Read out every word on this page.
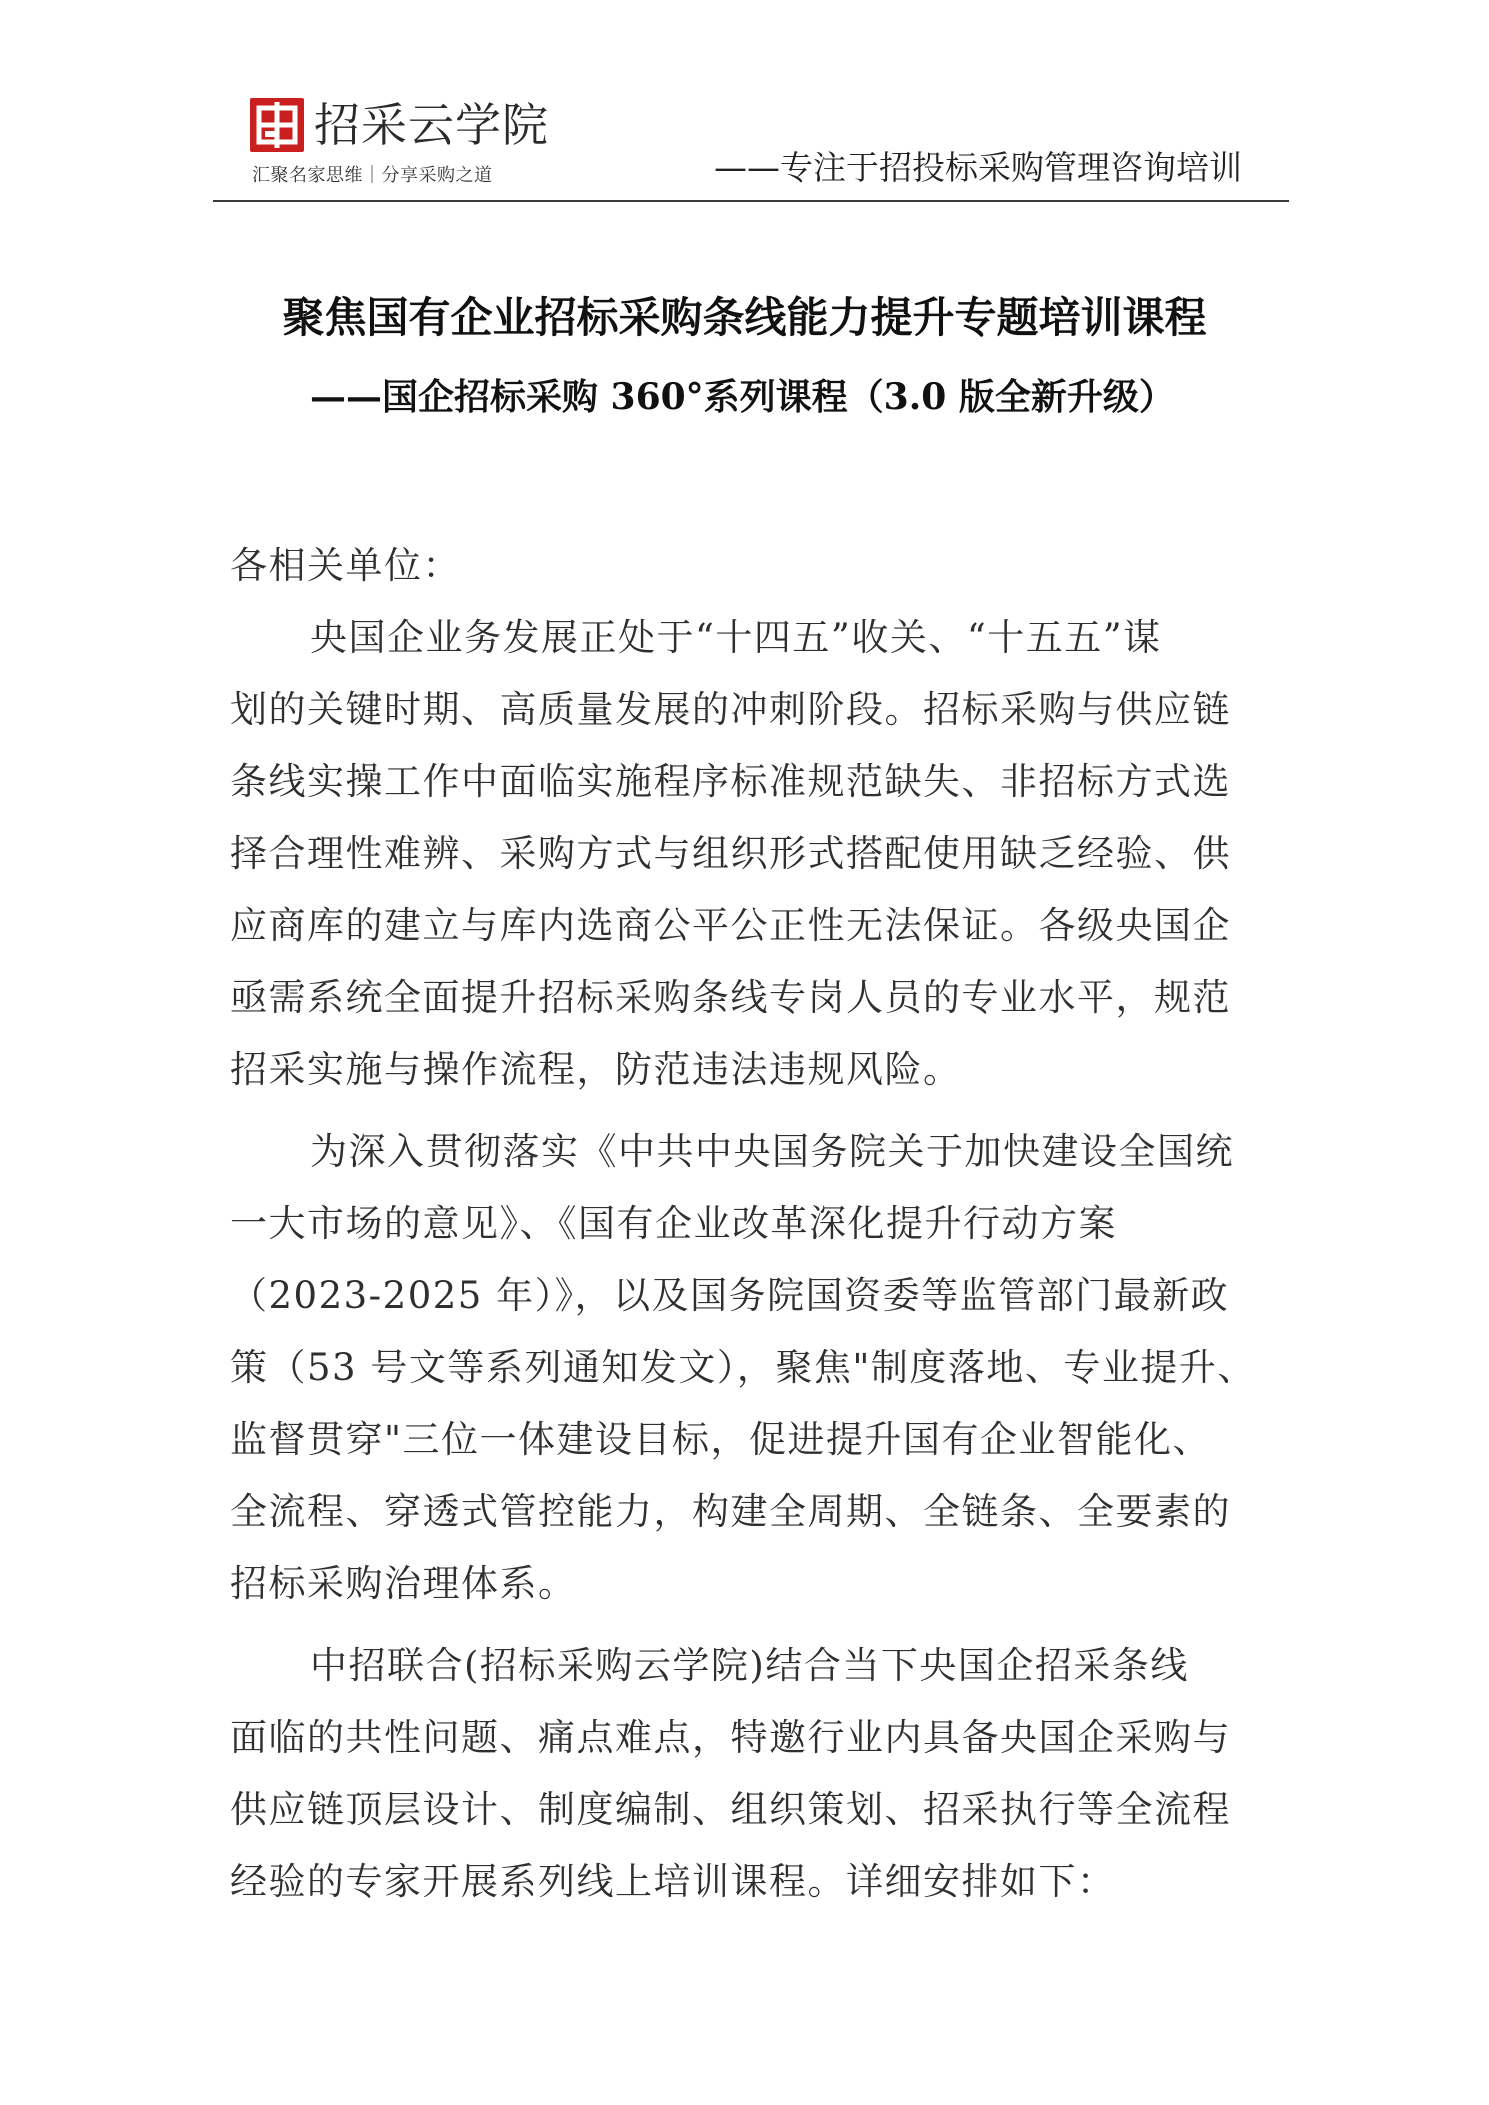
招采云学院
汇聚名家思维｜分享采购之道	——专注于招投标采购管理咨询培训
聚焦国有企业招标采购条线能力提升专题培训课程
——国企招标采购 360°系列课程（3.0 版全新升级）
各相关单位：
央国企业务发展正处于“十四五”收关、“十五五”谋
划的关键时期、高质量发展的冲刺阶段。招标采购与供应链
条线实操工作中面临实施程序标准规范缺失、非招标方式选
择合理性难辨、采购方式与组织形式搭配使用缺乏经验、供
应商库的建立与库内选商公平公正性无法保证。各级央国企
亟需系统全面提升招标采购条线专岗人员的专业水平，规范
招采实施与操作流程，防范违法违规风险。
为深入贯彻落实《中共中央国务院关于加快建设全国统
一大市场的意见》、《国有企业改革深化提升行动方案
（2023-2025 年）》，以及国务院国资委等监管部门最新政
策（53 号文等系列通知发文），聚焦"制度落地、专业提升、
监督贯穿"三位一体建设目标，促进提升国有企业智能化、
全流程、穿透式管控能力，构建全周期、全链条、全要素的
招标采购治理体系。
中招联合(招标采购云学院)结合当下央国企招采条线
面临的共性问题、痛点难点，特邀行业内具备央国企采购与
供应链顶层设计、制度编制、组织策划、招采执行等全流程
经验的专家开展系列线上培训课程。详细安排如下：
